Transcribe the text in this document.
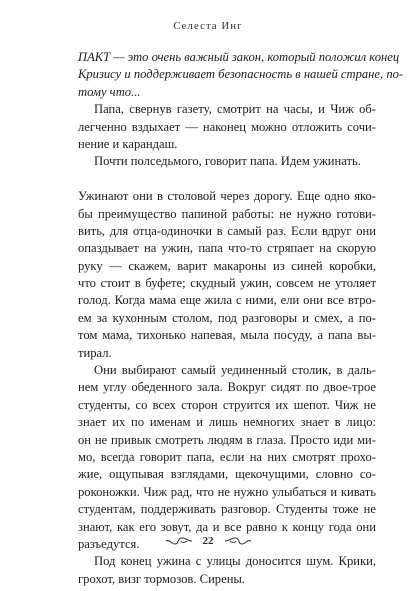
Селеста Инг
ПАКТ — это очень важный закон, который положил конец
Кризису и поддерживает безопасность в нашей стране, по-
тому что...
Папа, свернув газету, смотрит на часы, и Чиж об-
легченно вздыхает — наконец можно отложить сочи-
нение и карандаш.
Почти полседьмого, говорит папа. Идем ужинать.
Ужинают они в столовой через дорогу. Еще одно яко-
бы преимущество папиной работы: не нужно готови-
вить, для отца-одиночки в самый раз. Если вдруг они
опаздывает на ужин, папа что-то стряпает на скорую
руку — скажем, варит макароны из синей коробки,
что стоит в буфете; скудный ужин, совсем не утоляет
голод. Когда мама еще жила с ними, ели они все втро-
ем за кухонным столом, под разговоры и смех, а по-
том мама, тихонько напевая, мыла посуду, а папа вы-
тирал.
Они выбирают самый уединенный столик, в даль-
нем углу обеденного зала. Вокруг сидят по двое-трое
студенты, со всех сторон струится их шепот. Чиж не
знает их по именам и лишь немногих знает в лицо:
он не привык смотреть людям в глаза. Просто иди ми-
мо, всегда говорит папа, если на них смотрят прохо-
жие, ощупывая взглядами, щекочущими, словно со-
роконожки. Чиж рад, что не нужно улыбаться и кивать
студентам, поддерживать разговор. Студенты тоже не
знают, как его зовут, да и все равно к концу года они
разъедутся.
Под конец ужина с улицы доносится шум. Крики,
грохот, визг тормозов. Сирены.
22
